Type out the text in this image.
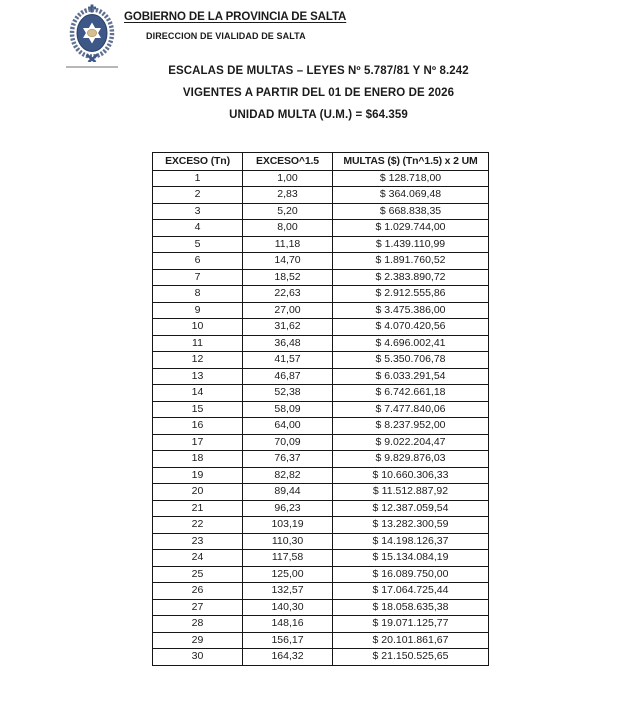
GOBIERNO DE LA PROVINCIA DE SALTA
DIRECCION DE VIALIDAD DE SALTA
ESCALAS DE MULTAS – LEYES Nº 5.787/81 Y Nº 8.242
VIGENTES A PARTIR DEL 01 DE ENERO DE 2026
UNIDAD MULTA (U.M.) = $64.359
EXCESO (Tn)	EXCESO^1.5	MULTAS ($) (Tn^1.5) x 2 UM
1	1,00	$ 128.718,00
2	2,83	$ 364.069,48
3	5,20	$ 668.838,35
4	8,00	$ 1.029.744,00
5	11,18	$ 1.439.110,99
6	14,70	$ 1.891.760,52
7	18,52	$ 2.383.890,72
8	22,63	$ 2.912.555,86
9	27,00	$ 3.475.386,00
10	31,62	$ 4.070.420,56
11	36,48	$ 4.696.002,41
12	41,57	$ 5.350.706,78
13	46,87	$ 6.033.291,54
14	52,38	$ 6.742.661,18
15	58,09	$ 7.477.840,06
16	64,00	$ 8.237.952,00
17	70,09	$ 9.022.204,47
18	76,37	$ 9.829.876,03
19	82,82	$ 10.660.306,33
20	89,44	$ 11.512.887,92
21	96,23	$ 12.387.059,54
22	103,19	$ 13.282.300,59
23	110,30	$ 14.198.126,37
24	117,58	$ 15.134.084,19
25	125,00	$ 16.089.750,00
26	132,57	$ 17.064.725,44
27	140,30	$ 18.058.635,38
28	148,16	$ 19.071.125,77
29	156,17	$ 20.101.861,67
30	164,32	$ 21.150.525,65
